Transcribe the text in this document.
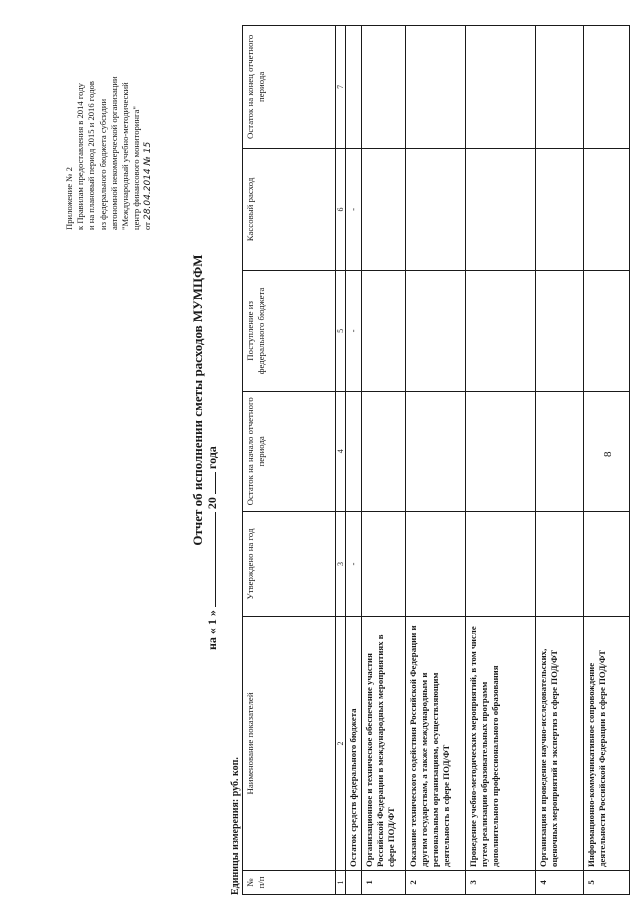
8
Приложение № 2 к Правилам предоставления в 2014 году и на плановый период 2015 и 2016 годов из федерального бюджета субсидии автономной некоммерческой организации "Международный учебно-методический центр финансового мониторинга" от 28.04.2014 № 15
Отчет об исполнении сметы расходов МУМЦФМ
на « 1 »  20  года
Единицы измерения: руб. коп. № п/п	Наименование показателей	Утверждено на год	Остаток на начало отчетного периода	Поступление из федерального бюджета	Кассовый расход	Остаток на конец отчетного периода
1	2	3	4	5	6	7
	Остаток средств федерального бюджета	-		-	-	
1	Организационное и техническое обеспечение участия Российской Федерации в международных мероприятиях в сфере ПОД/ФТ					
2	Оказание технического содействия Российской Федерации и другим государствам, а также международным и региональным организациям, осуществляющим деятельность в сфере ПОД/ФТ					
3	Проведение учебно-методических мероприятий, в том числе путем реализации образовательных программ дополнительного профессионального образования					
4	Организация и проведение научно-исследовательских, оценочных мероприятий и экспертиз в сфере ПОД/ФТ					
5	Информационно-коммуникативное сопровождение деятельности Российской Федерации в сфере ПОД/ФТ					
